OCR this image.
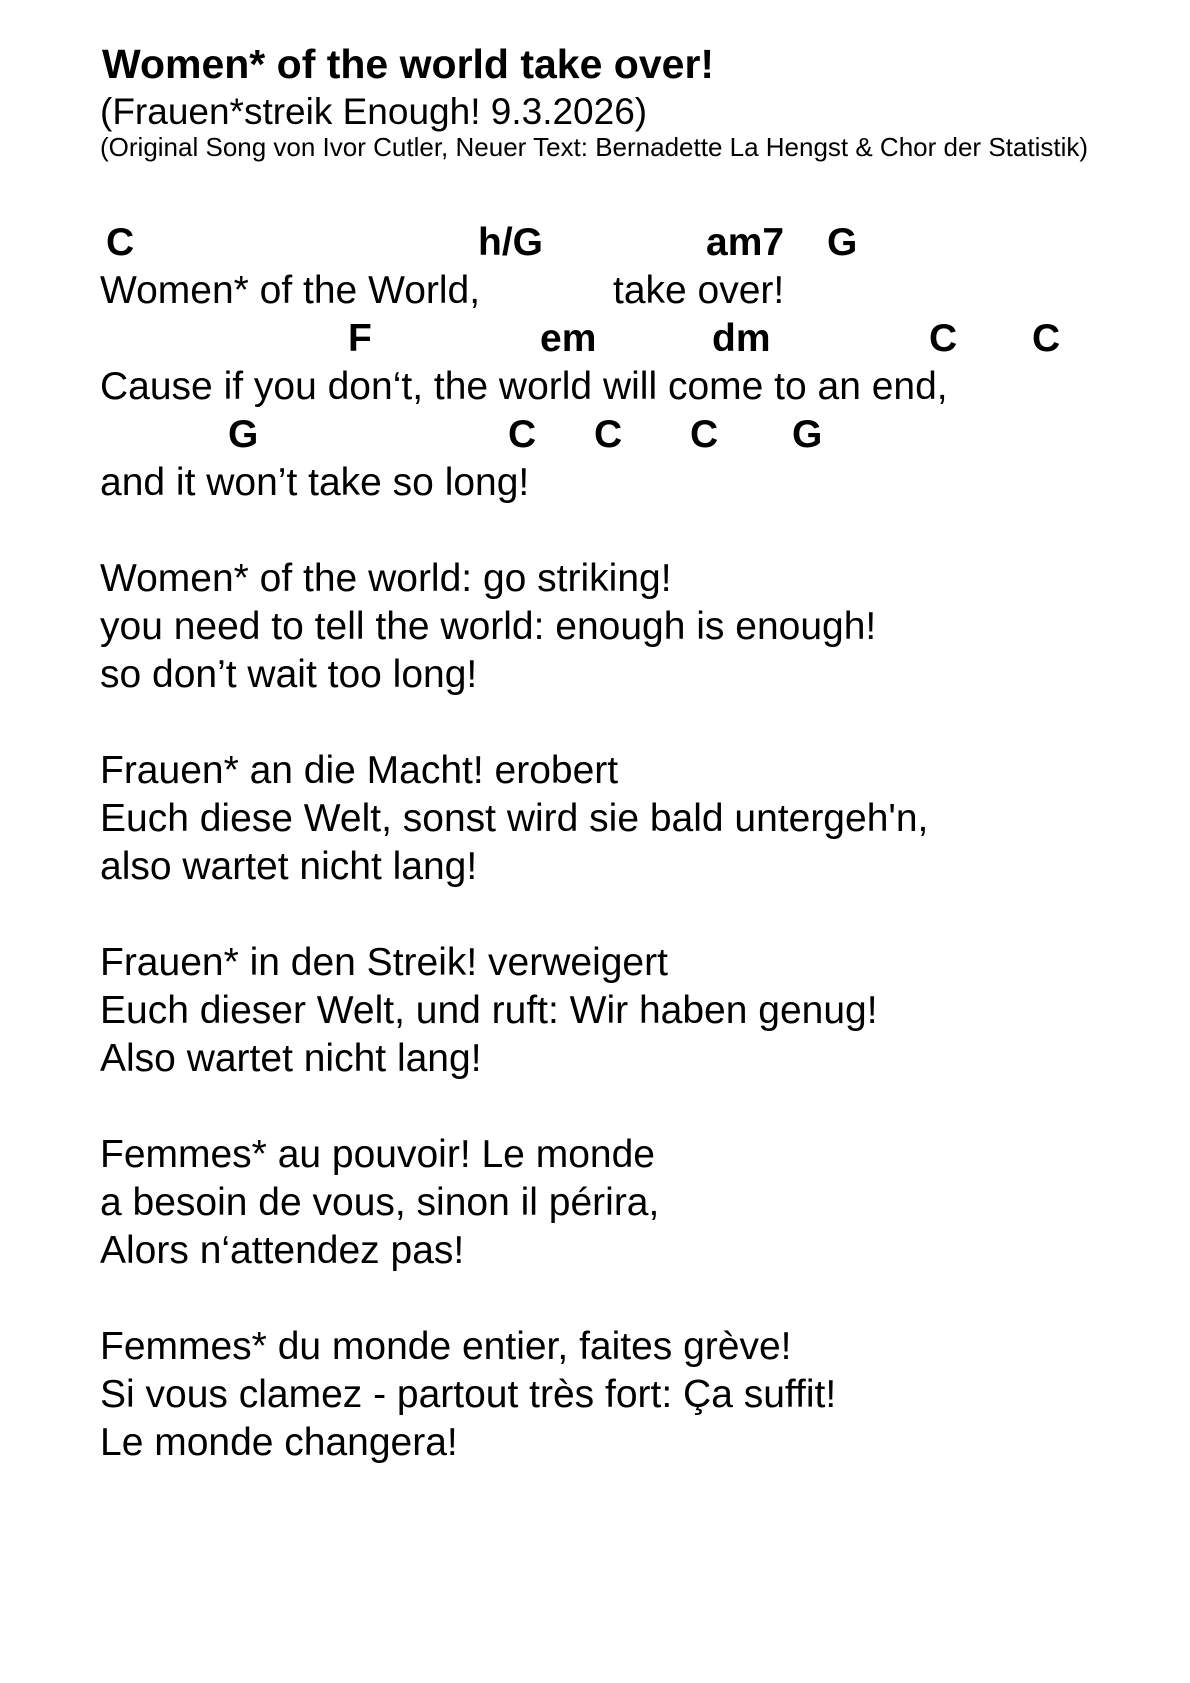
Women* of the world take over!
(Frauen*streik Enough! 9.3.2026)
(Original Song von Ivor Cutler, Neuer Text: Bernadette La Hengst & Chor der Statistik)
C	h/G	am7 G
Women* of the World,	take over!
F	em	dm	C C
Cause if you don‘t, the world will come to an end,
G	C C C G
and it won’t take so long!
Women* of the world: go striking!
you need to tell the world: enough is enough!
so don’t wait too long!
Frauen* an die Macht! erobert
Euch diese Welt, sonst wird sie bald untergeh'n,
also wartet nicht lang!
Frauen* in den Streik! verweigert
Euch dieser Welt, und ruft: Wir haben genug!
Also wartet nicht lang!
Femmes* au pouvoir! Le monde
a besoin de vous, sinon il périra,
Alors n‘attendez pas!
Femmes* du monde entier, faites grève!
Si vous clamez - partout très fort: Ça suffit!
Le monde changera!
